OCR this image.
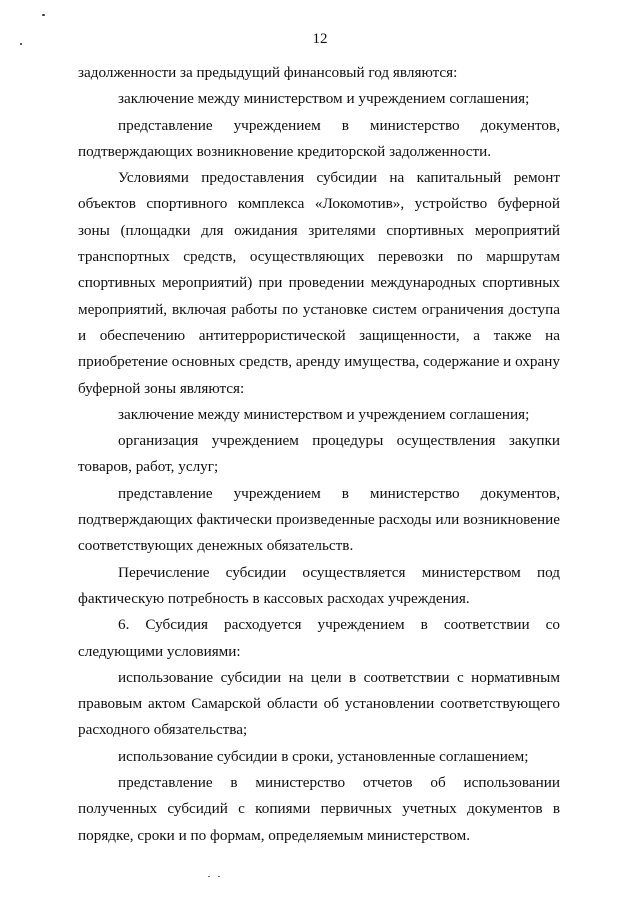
12

задолженности за предыдущий финансовый год являются:

заключение между министерством и учреждением соглашения;

представление учреждением в министерство документов, подтверждающих возникновение кредиторской задолженности.

Условиями предоставления субсидии на капитальный ремонт объектов спортивного комплекса «Локомотив», устройство буферной зоны (площадки для ожидания зрителями спортивных мероприятий транспортных средств, осуществляющих перевозки по маршрутам спортивных мероприятий) при проведении международных спортивных мероприятий, включая работы по установке систем ограничения доступа и обеспечению антитеррористической защищенности, а также на приобретение основных средств, аренду имущества, содержание и охрану буферной зоны являются:

заключение между министерством и учреждением соглашения;

организация учреждением процедуры осуществления закупки товаров, работ, услуг;

представление учреждением в министерство документов, подтверждающих фактически произведенные расходы или возникновение соответствующих денежных обязательств.

Перечисление субсидии осуществляется министерством под фактическую потребность в кассовых расходах учреждения.

6. Субсидия расходуется учреждением в соответствии со следующими условиями:

использование субсидии на цели в соответствии с нормативным правовым актом Самарской области об установлении соответствующего расходного обязательства;

использование субсидии в сроки, установленные соглашением;

представление в министерство отчетов об использовании полученных субсидий с копиями первичных учетных документов в порядке, сроки и по формам, определяемым министерством.
